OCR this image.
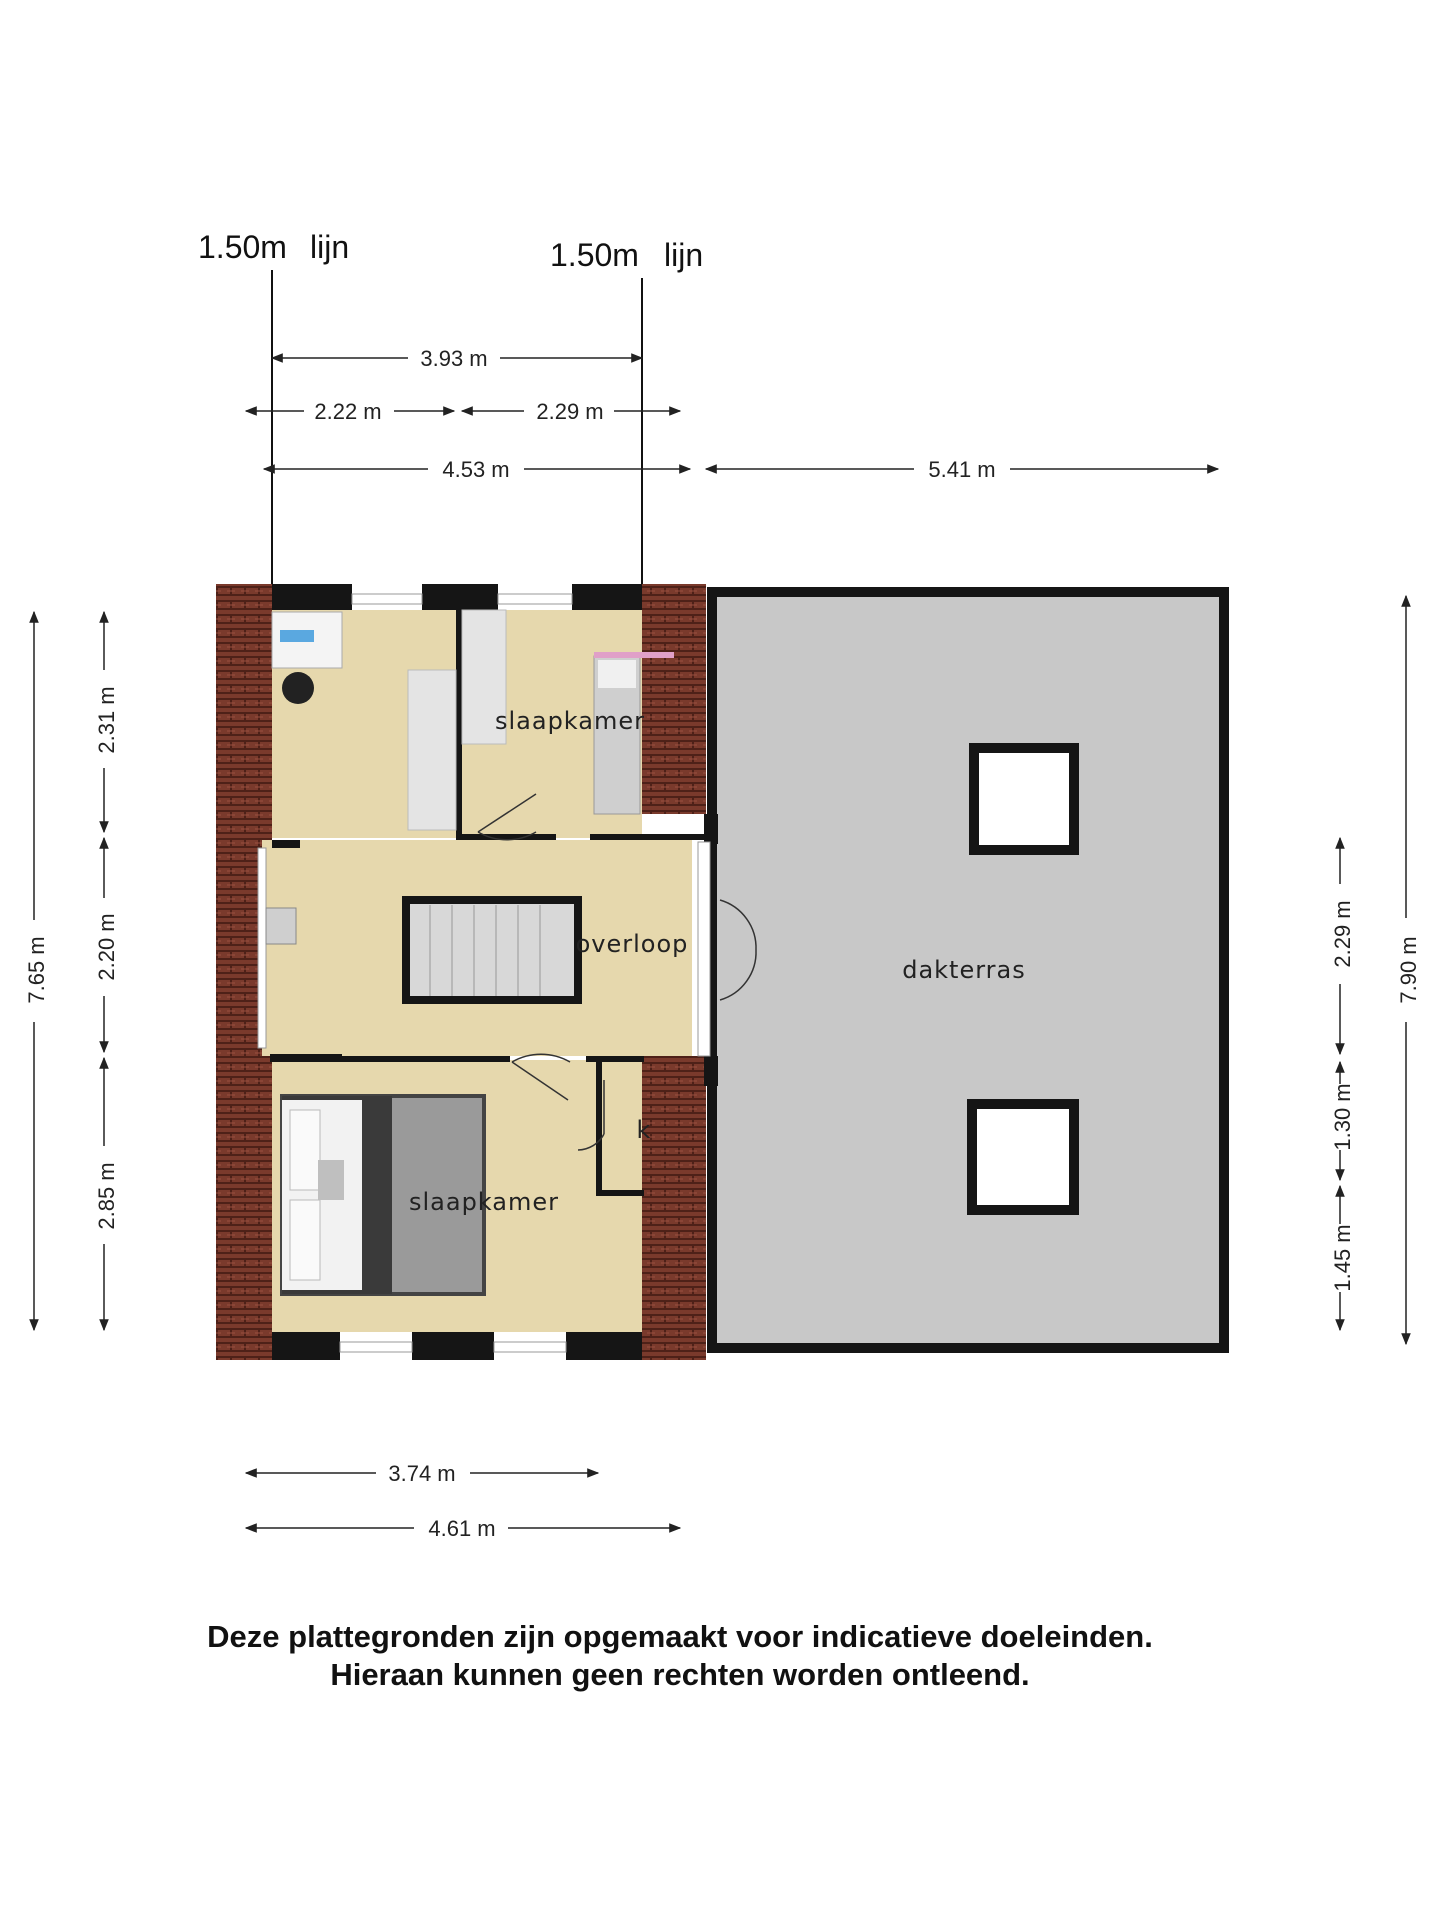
1.50m lijn	1.50m lijn
3.93 m
2.22 m	2.29 m
4.53 m	5.41 m
7.65 m
2.31 m
2.20 m
2.85 m
2.29 m
1.30 m
1.45 m
7.90 m
3.74 m
4.61 m
dakterras
slaapkamer
overloop
slaapkamer
k
Deze plattegronden zijn opgemaakt voor indicatieve doeleinden.
Hieraan kunnen geen rechten worden ontleend.
